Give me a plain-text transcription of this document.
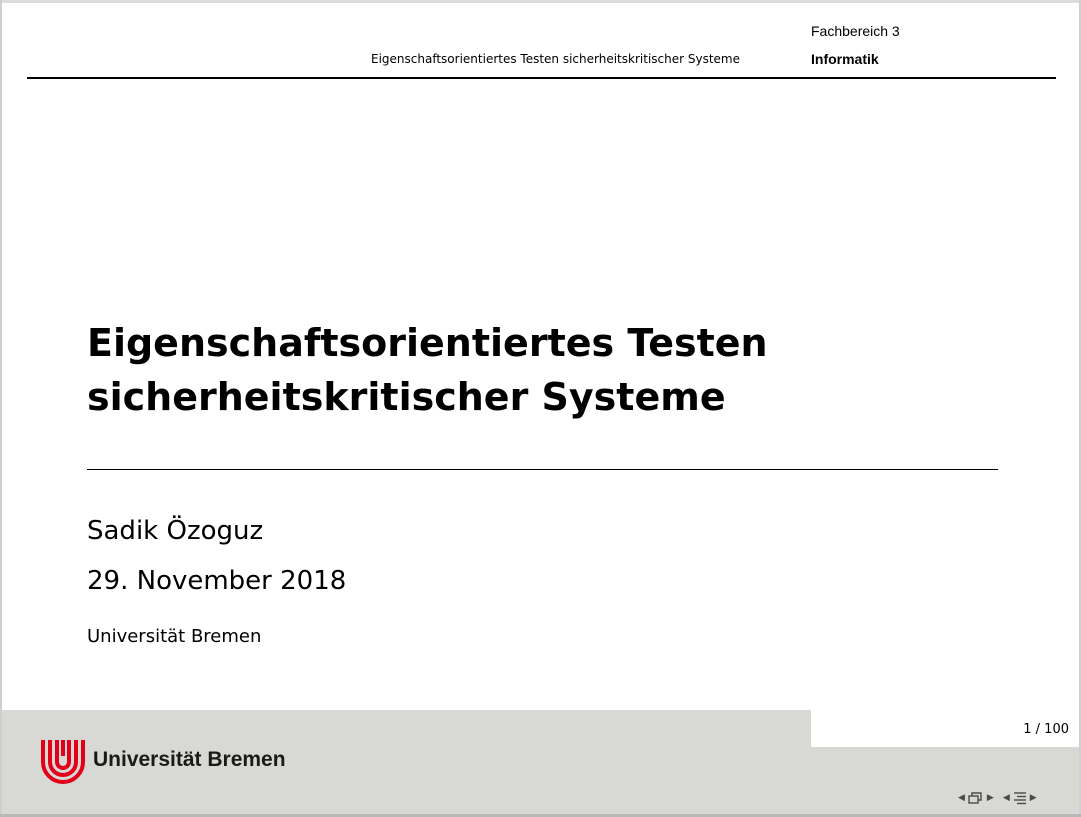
Fachbereich 3
Informatik
Eigenschaftsorientiertes Testen sicherheitskritischer Systeme
Eigenschaftsorientiertes Testen
sicherheitskritischer Systeme
Sadik Özoguz
29. November 2018
Universität Bremen
1 / 100
Universität Bremen
◀ ▶ ◀ ▶
